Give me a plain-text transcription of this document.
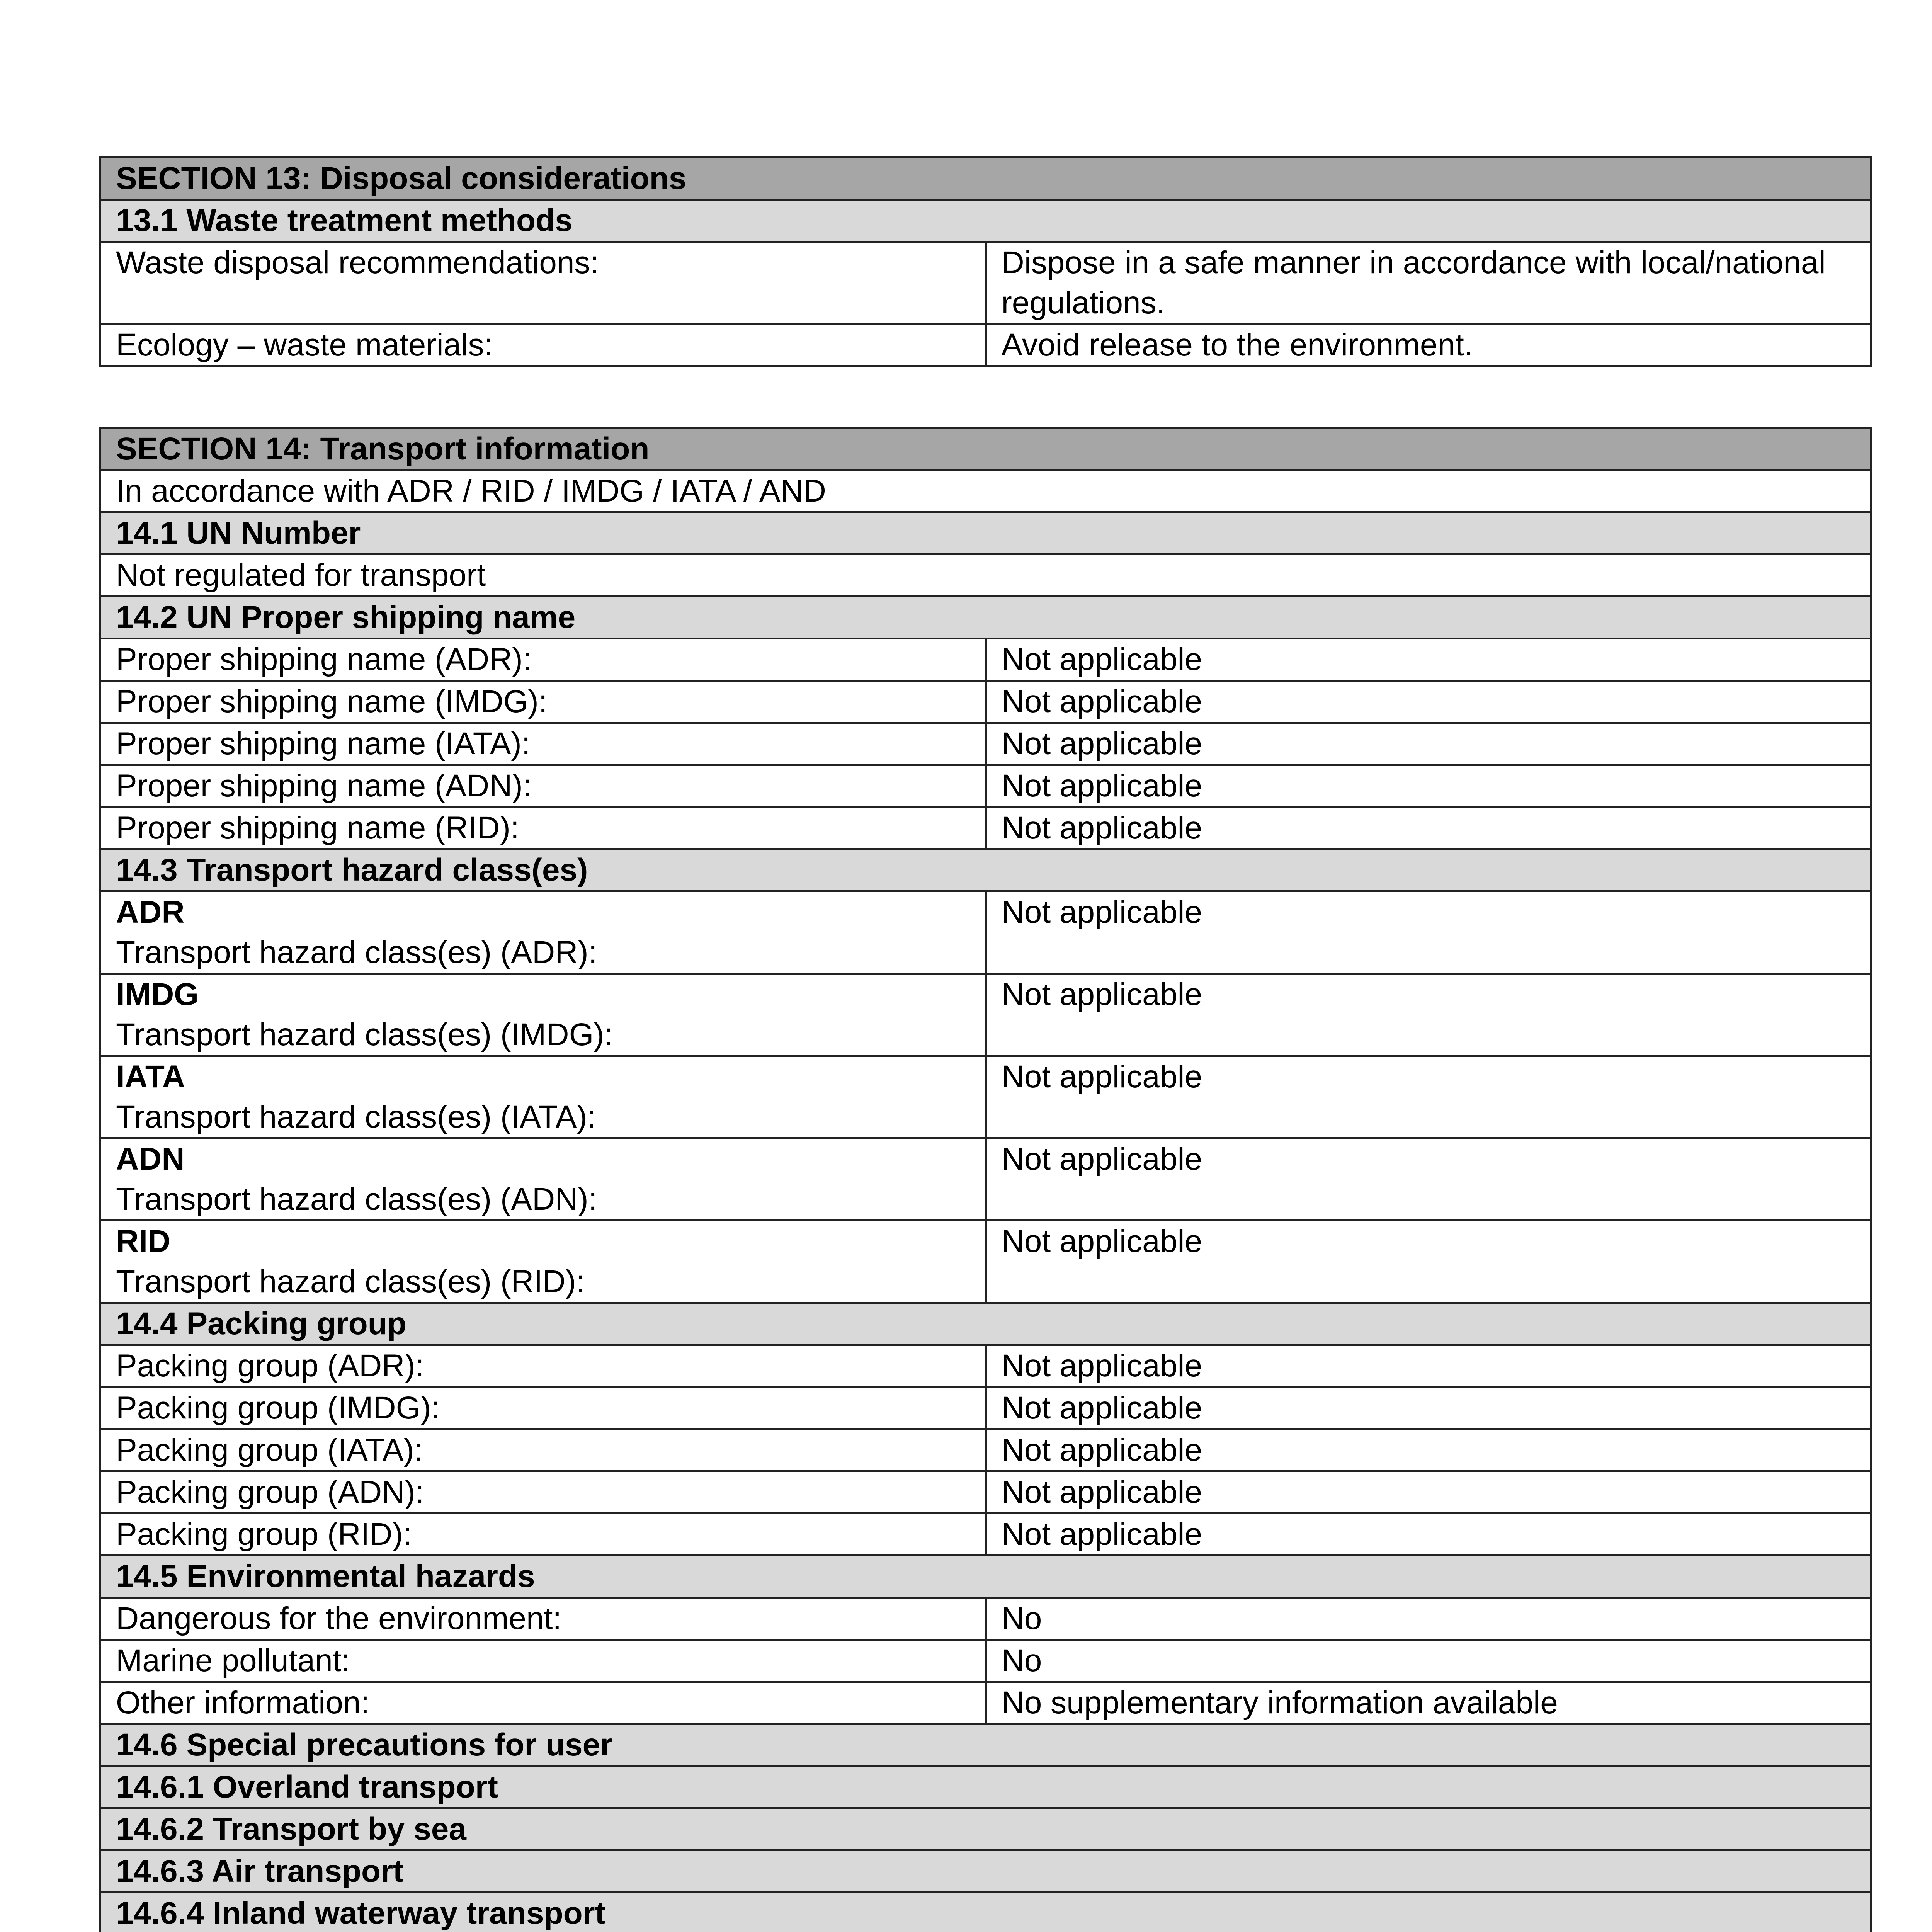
SECTION 13: Disposal considerations	
13.1 Waste treatment methods	
Waste disposal recommendations:	Dispose in a safe manner in accordance with local/national regulations.
Ecology – waste materials:	Avoid release to the environment.
SECTION 14: Transport information	
In accordance with ADR / RID / IMDG / IATA / AND	
14.1 UN Number	
Not regulated for transport	
14.2 UN Proper shipping name	
Proper shipping name (ADR):	Not applicable
Proper shipping name (IMDG):	Not applicable
Proper shipping name (IATA):	Not applicable
Proper shipping name (ADN):	Not applicable
Proper shipping name (RID):	Not applicable
14.3 Transport hazard class(es)	

ADR
Transport hazard class(es) (ADR):	Not applicable

IMDG
Transport hazard class(es) (IMDG):	Not applicable

IATA
Transport hazard class(es) (IATA):	Not applicable

ADN
Transport hazard class(es) (ADN):	Not applicable

RID
Transport hazard class(es) (RID):	Not applicable
14.4 Packing group	
Packing group (ADR):	Not applicable
Packing group (IMDG):	Not applicable
Packing group (IATA):	Not applicable
Packing group (ADN):	Not applicable
Packing group (RID):	Not applicable
14.5 Environmental hazards	
Dangerous for the environment:	No
Marine pollutant:	No
Other information:	No supplementary information available
14.6 Special precautions for user	
14.6.1 Overland transport	
14.6.2 Transport by sea	
14.6.3 Air transport	
14.6.4 Inland waterway transport	
